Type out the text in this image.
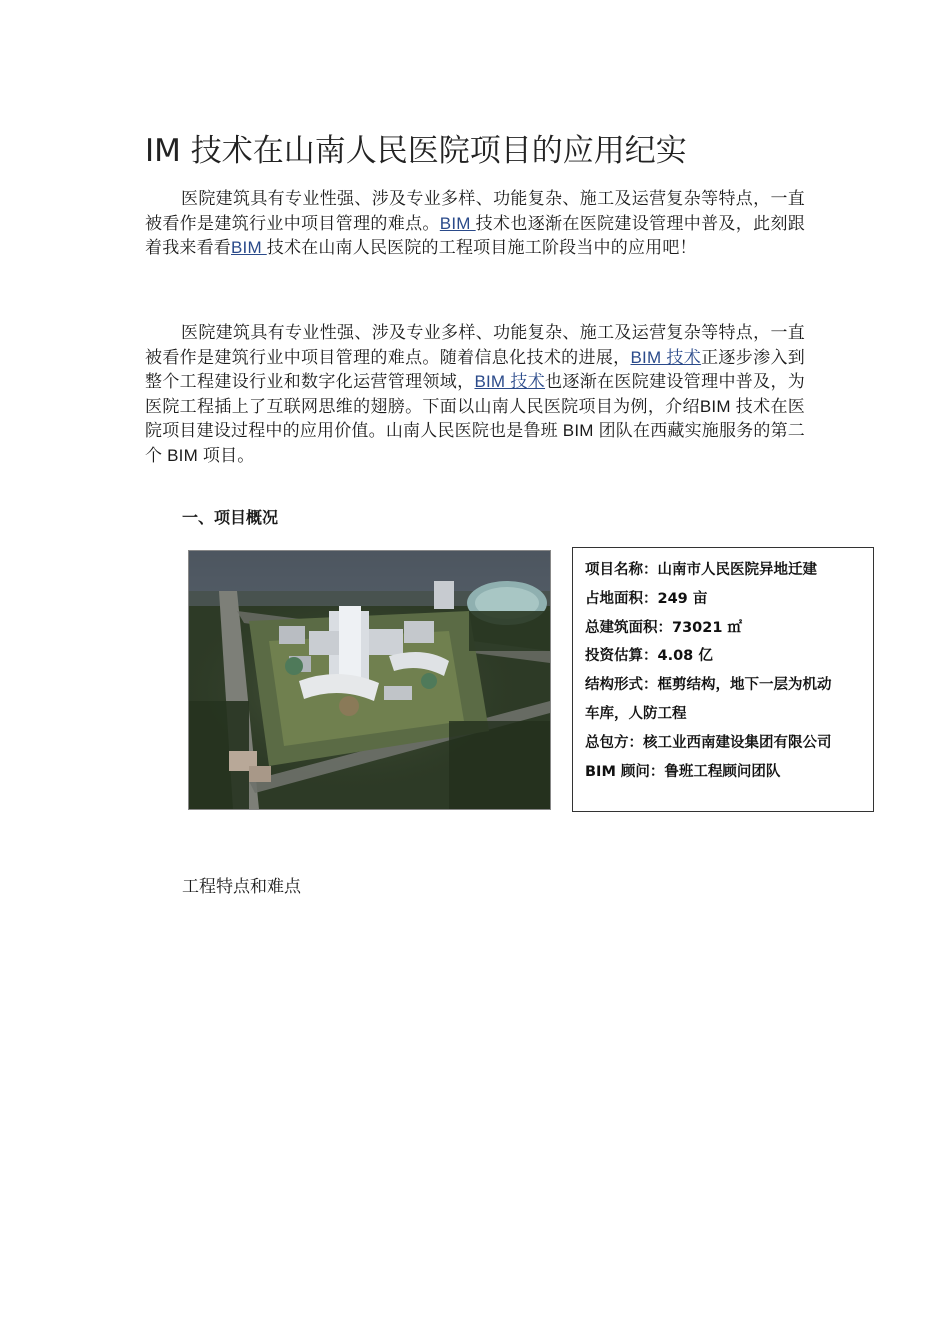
IM 技术在山南人民医院项目的应用纪实

医院建筑具有专业性强、涉及专业多样、功能复杂、施工及运营复杂等特点，一直被看作是建筑行业中项目管理的难点。BIM 技术也逐渐在医院建设管理中普及，此刻跟着我来看看BIM 技术在山南人民医院的工程项目施工阶段当中的应用吧！

医院建筑具有专业性强、涉及专业多样、功能复杂、施工及运营复杂等特点，一直被看作是建筑行业中项目管理的难点。随着信息化技术的进展，BIM 技术正逐步渗入到整个工程建设行业和数字化运营管理领域，BIM 技术也逐渐在医院建设管理中普及，为医院工程插上了互联网思维的翅膀。下面以山南人民医院项目为例，介绍BIM 技术在医院项目建设过程中的应用价值。山南人民医院也是鲁班 BIM 团队在西藏实施服务的第二个 BIM 项目。

一、项目概况
项目名称：山南市人民医院异地迁建
占地面积：249 亩
总建筑面积：73021 ㎡
投资估算：4.08 亿
结构形式：框剪结构，地下一层为机动
车库，人防工程
总包方：核工业西南建设集团有限公司
BIM 顾问：鲁班工程顾问团队

工程特点和难点
